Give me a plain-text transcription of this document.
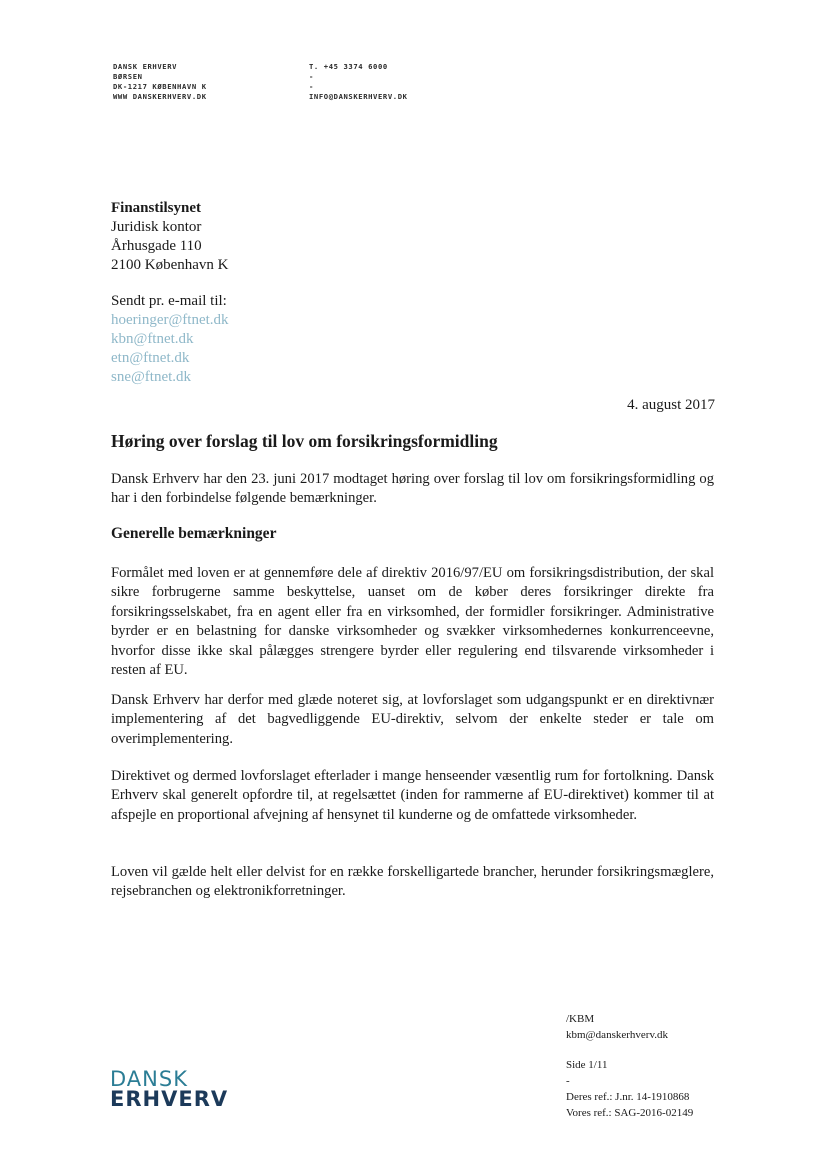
DANSK ERHVERV
BØRSEN
DK-1217 KØBENHAVN K
WWW DANSKERHVERV.DK
T. +45 3374 6000
-
-
INFO@DANSKERHVERV.DK
Finanstilsynet
Juridisk kontor
Århusgade 110
2100 København K
Sendt pr. e-mail til:
hoeringer@ftnet.dk
kbn@ftnet.dk
etn@ftnet.dk
sne@ftnet.dk
4. august 2017
Høring over forslag til lov om forsikringsformidling
Dansk Erhverv har den 23. juni 2017 modtaget høring over forslag til lov om forsikringsformidling og har i den forbindelse følgende bemærkninger.
Generelle bemærkninger
Formålet med loven er at gennemføre dele af direktiv 2016/97/EU om forsikringsdistribution, der skal sikre forbrugerne samme beskyttelse, uanset om de køber deres forsikringer direkte fra forsikringsselskabet, fra en agent eller fra en virksomhed, der formidler forsikringer. Administrative byrder er en belastning for danske virksomheder og svækker virksomhedernes konkurrenceevne, hvorfor disse ikke skal pålægges strengere byrder eller regulering end tilsvarende virksomheder i resten af EU.
Dansk Erhverv har derfor med glæde noteret sig, at lovforslaget som udgangspunkt er en direktivnær implementering af det bagvedliggende EU-direktiv, selvom der enkelte steder er tale om overimplementering.
Direktivet og dermed lovforslaget efterlader i mange henseender væsentlig rum for fortolkning. Dansk Erhverv skal generelt opfordre til, at regelsættet (inden for rammerne af EU-direktivet) kommer til at afspejle en proportional afvejning af hensynet til kunderne og de omfattede virksomheder.
Loven vil gælde helt eller delvist for en række forskelligartede brancher, herunder forsikringsmæglere, rejsebranchen og elektronikforretninger.
/KBM
kbm@danskerhverv.dk
Side 1/11
-
Deres ref.: J.nr. 14-1910868
Vores ref.: SAG-2016-02149
DANSK
ERHVERV
